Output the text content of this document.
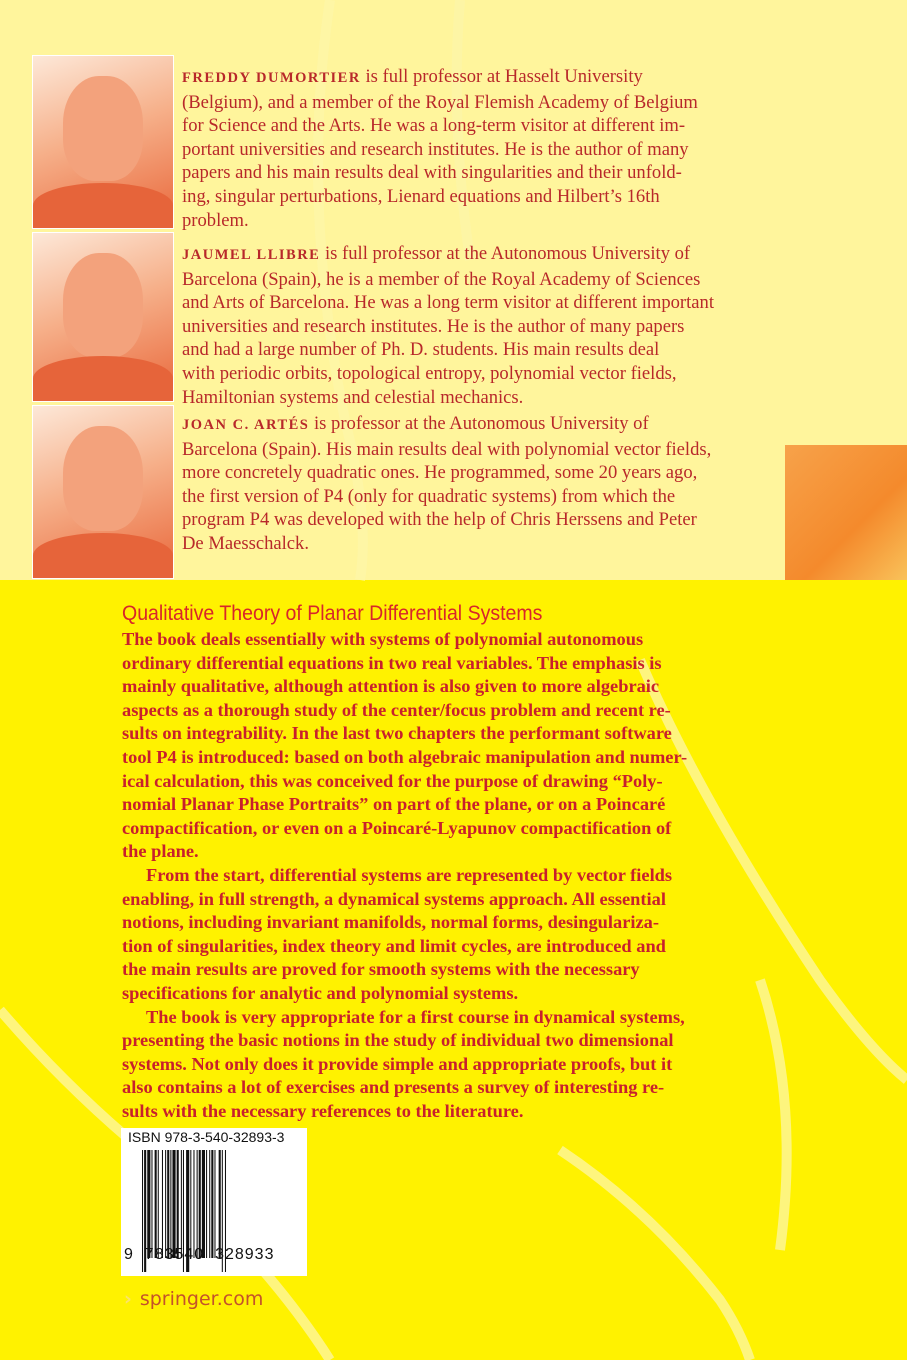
FREDDY DUMORTIER is full professor at Hasselt University
(Belgium), and a member of the Royal Flemish Academy of Belgium
for Science and the Arts. He was a long-term visitor at different im-
portant universities and research institutes. He is the author of many
papers and his main results deal with singularities and their unfold-
ing, singular perturbations, Lienard equations and Hilbert’s 16th
problem.
JAUMEL LLIBRE is full professor at the Autonomous University of
Barcelona (Spain), he is a member of the Royal Academy of Sciences
and Arts of Barcelona. He was a long term visitor at different important
universities and research institutes. He is the author of many papers
and had a large number of Ph. D. students. His main results deal
with periodic orbits, topological entropy, polynomial vector fields,
Hamiltonian systems and celestial mechanics.
JOAN C. ARTÉS is professor at the Autonomous University of
Barcelona (Spain). His main results deal with polynomial vector fields,
more concretely quadratic ones. He programmed, some 20 years ago,
the first version of P4 (only for quadratic systems) from which the
program P4 was developed with the help of Chris Herssens and Peter
De Maesschalck.
Qualitative Theory of Planar Differential Systems
The book deals essentially with systems of polynomial autonomous
ordinary differential equations in two real variables. The emphasis is
mainly qualitative, although attention is also given to more algebraic
aspects as a thorough study of the center/focus problem and recent re-
sults on integrability. In the last two chapters the performant software
tool P4 is introduced: based on both algebraic manipulation and numer-
ical calculation, this was conceived for the purpose of drawing “Poly-
nomial Planar Phase Portraits” on part of the plane, or on a Poincaré
compactification, or even on a Poincaré-Lyapunov compactification of
the plane.
From the start, differential systems are represented by vector fields
enabling, in full strength, a dynamical systems approach. All essential
notions, including invariant manifolds, normal forms, desingulariza-
tion of singularities, index theory and limit cycles, are introduced and
the main results are proved for smooth systems with the necessary
specifications for analytic and polynomial systems.
The book is very appropriate for a first course in dynamical systems,
presenting the basic notions in the study of individual two dimensional
systems. Not only does it provide simple and appropriate proofs, but it
also contains a lot of exercises and presents a survey of interesting re-
sults with the necessary references to the literature.
ISBN 978-3-540-32893-3
9  783540  328933
› springer.com
